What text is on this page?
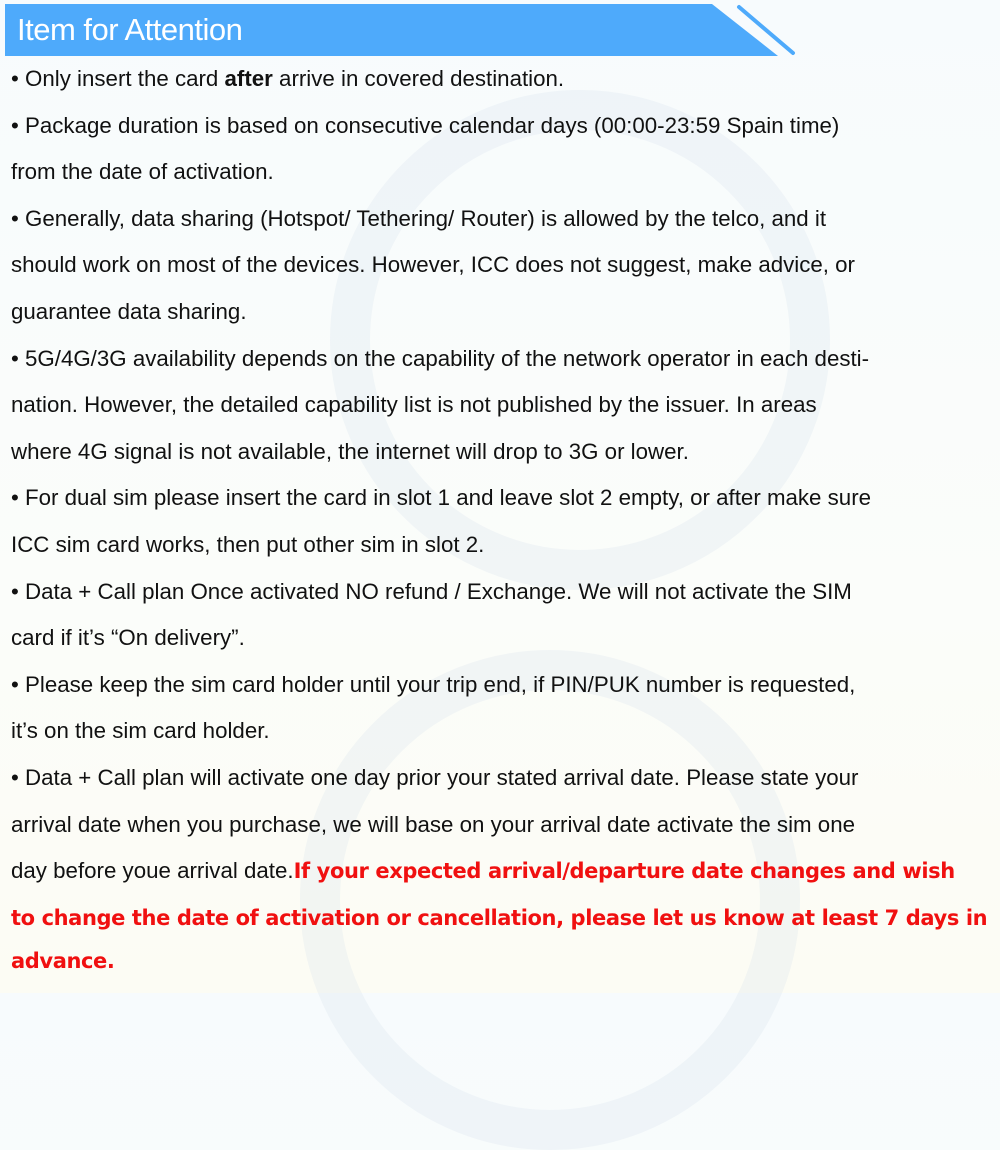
Item for Attention
• Only insert the card after arrive in covered destination.
• Package duration is based on consecutive calendar days (00:00-23:59 Spain time)
from the date of activation.
• Generally, data sharing (Hotspot/ Tethering/ Router) is allowed by the telco, and it
should work on most of the devices. However, ICC does not suggest, make advice, or
guarantee data sharing.
• 5G/4G/3G availability depends on the capability of the network operator in each desti-
nation. However, the detailed capability list is not published by the issuer. In areas
where 4G signal is not available, the internet will drop to 3G or lower.
• For dual sim please insert the card in slot 1 and leave slot 2 empty, or after make sure
ICC sim card works, then put other sim in slot 2.
• Data + Call plan Once activated NO refund / Exchange. We will not activate the SIM
card if it’s “On delivery”.
• Please keep the sim card holder until your trip end, if PIN/PUK number is requested,
it’s on the sim card holder.
• Data + Call plan will activate one day prior your stated arrival date. Please state your
arrival date when you purchase, we will base on your arrival date activate the sim one
day before youe arrival date.If your expected arrival/departure date changes and wish
to change the date of activation or cancellation, please let us know at least 7 days in
advance.
